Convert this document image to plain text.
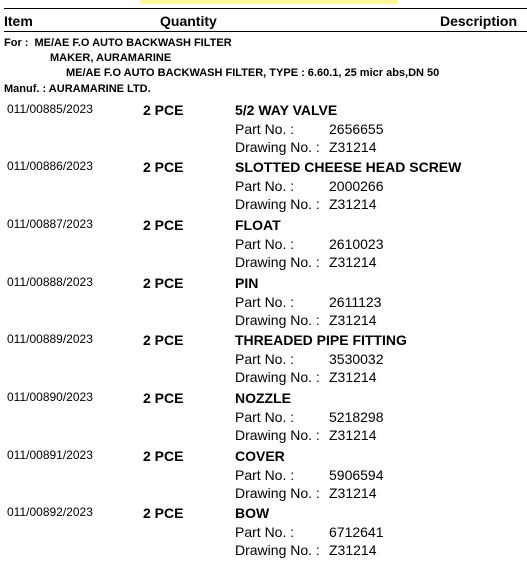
Item	Quantity	Description
For : ME/AE F.O AUTO BACKWASH FILTER
MAKER, AURAMARINE
ME/AE F.O AUTO BACKWASH FILTER, TYPE : 6.60.1, 25 micr abs,DN 50
Manuf. : AURAMARINE LTD.
011/00885/2023	2 PCE	5/2 WAY VALVE
Part No. : 2656655
Drawing No. : Z31214
011/00886/2023	2 PCE	SLOTTED CHEESE HEAD SCREW
Part No. : 2000266
Drawing No. : Z31214
011/00887/2023	2 PCE	FLOAT
Part No. : 2610023
Drawing No. : Z31214
011/00888/2023	2 PCE	PIN
Part No. : 2611123
Drawing No. : Z31214
011/00889/2023	2 PCE	THREADED PIPE FITTING
Part No. : 3530032
Drawing No. : Z31214
011/00890/2023	2 PCE	NOZZLE
Part No. : 5218298
Drawing No. : Z31214
011/00891/2023	2 PCE	COVER
Part No. : 5906594
Drawing No. : Z31214
011/00892/2023	2 PCE	BOW
Part No. : 6712641
Drawing No. : Z31214
